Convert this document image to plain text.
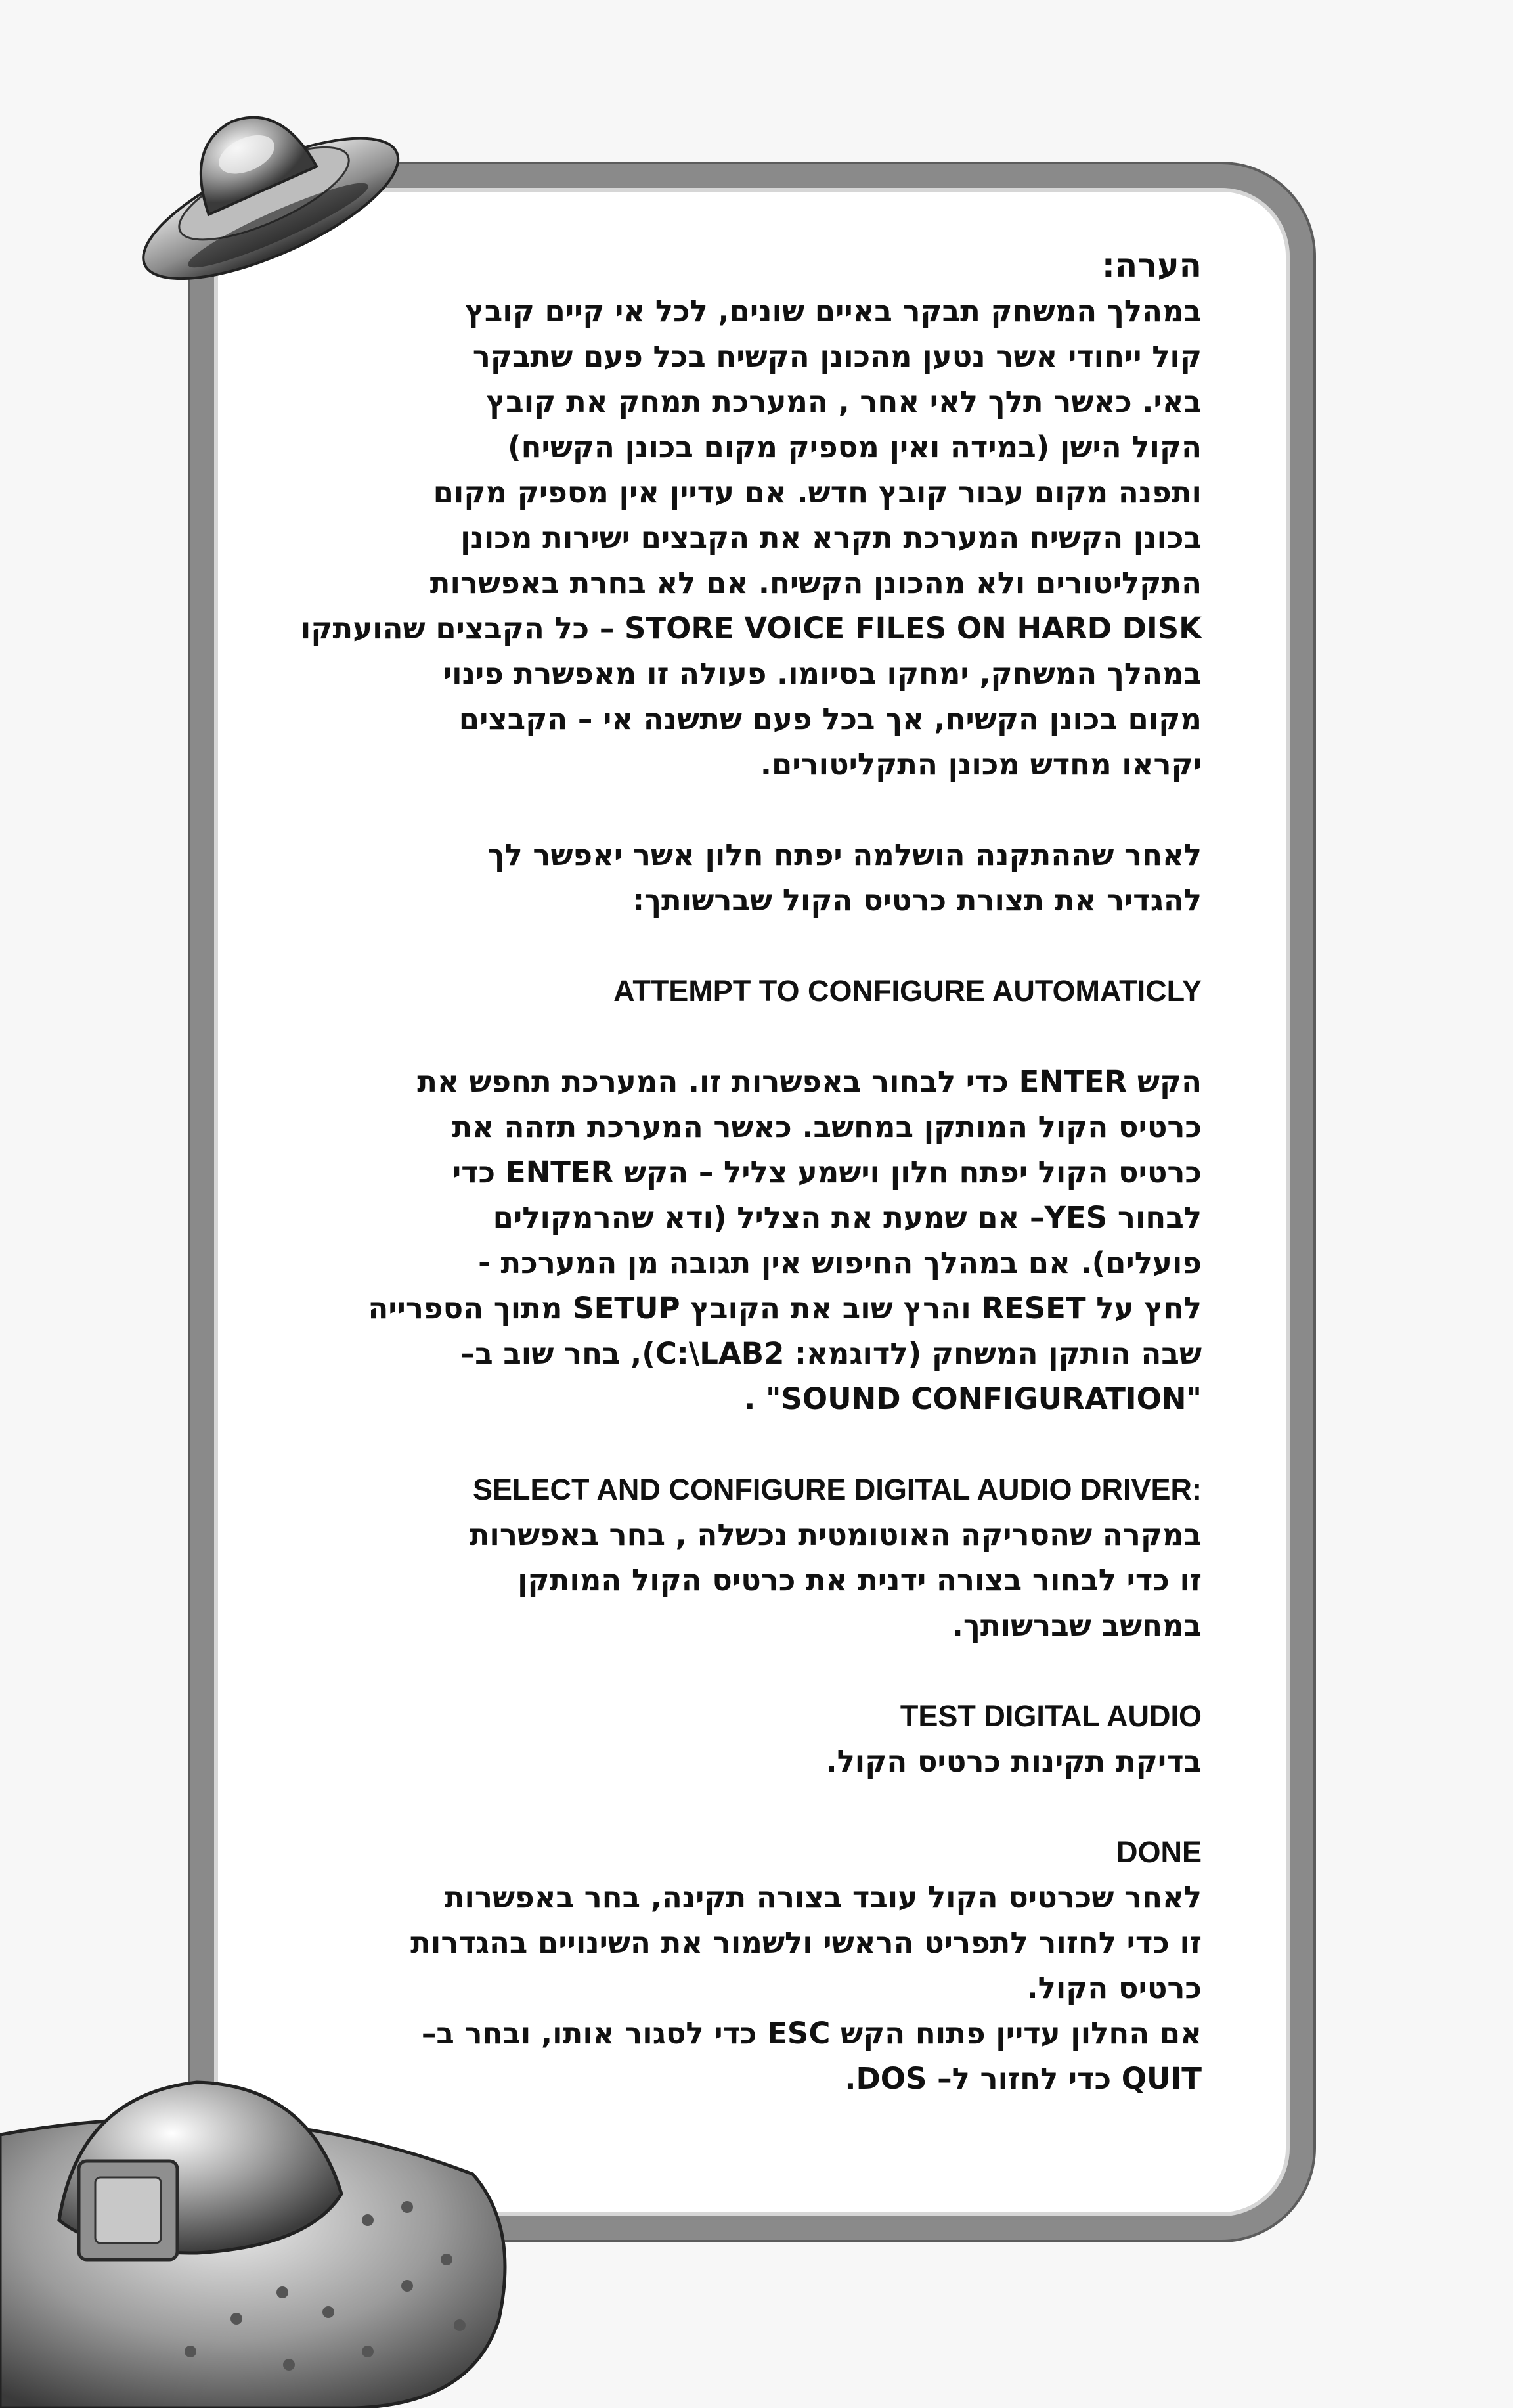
הערה:

במהלך המשחק תבקר באיים שונים, לכל אי קיים קובץ

קול ייחודי אשר נטען מהכונן הקשיח בכל פעם שתבקר

באי. כאשר תלך לאי אחר , המערכת תמחק את קובץ

הקול הישן (במידה ואין מספיק מקום בכונן הקשיח)

ותפנה מקום עבור קובץ חדש. אם עדיין אין מספיק מקום

בכונן הקשיח המערכת תקרא את הקבצים ישירות מכונן

התקליטורים ולא מהכונן הקשיח. אם לא בחרת באפשרות

STORE VOICE FILES ON HARD DISK – כל הקבצים שהועתקו

במהלך המשחק, ימחקו בסיומו. פעולה זו מאפשרת פינוי

מקום בכונן הקשיח, אך בכל פעם שתשנה אי – הקבצים

יקראו מחדש מכונן התקליטורים.

לאחר שההתקנה הושלמה יפתח חלון אשר יאפשר לך

להגדיר את תצורת כרטיס הקול שברשותך:

ATTEMPT TO CONFIGURE AUTOMATICLY

הקש ENTER כדי לבחור באפשרות זו. המערכת תחפש את

כרטיס הקול המותקן במחשב. כאשר המערכת תזהה את

כרטיס הקול יפתח חלון וישמע צליל – הקש ENTER כדי

לבחור YES– אם שמעת את הצליל (ודא שהרמקולים

פועלים). אם במהלך החיפוש אין תגובה מן המערכת -

לחץ על RESET והרץ שוב את הקובץ SETUP מתוך הספרייה

שבה הותקן המשחק (לדוגמא: C:\LAB2), בחר שוב ב–

"SOUND CONFIGURATION" .

SELECT AND CONFIGURE DIGITAL AUDIO DRIVER:

במקרה שהסריקה האוטומטית נכשלה , בחר באפשרות

זו כדי לבחור בצורה ידנית את כרטיס הקול המותקן

במחשב שברשותך.

TEST DIGITAL AUDIO

בדיקת תקינות כרטיס הקול.

DONE

לאחר שכרטיס הקול עובד בצורה תקינה, בחר באפשרות

זו כדי לחזור לתפריט הראשי ולשמור את השינויים בהגדרות

כרטיס הקול.

אם החלון עדיין פתוח הקש ESC כדי לסגור אותו, ובחר ב–

QUIT כדי לחזור ל– DOS.
